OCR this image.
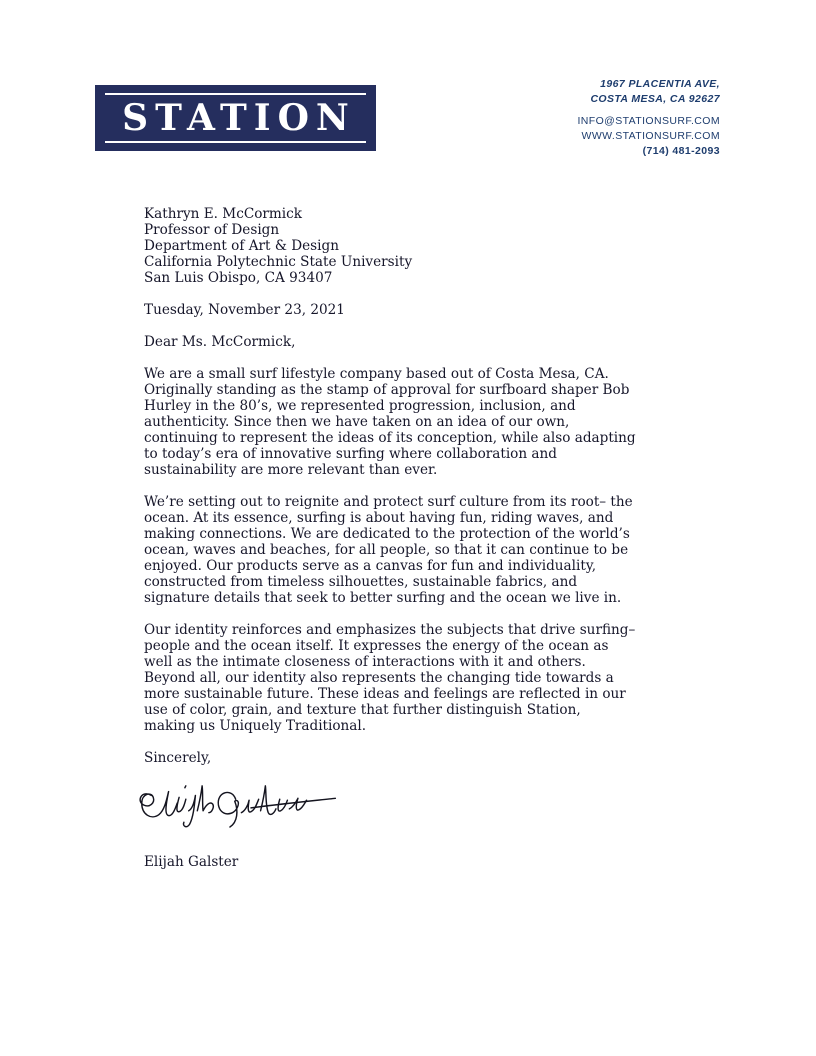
STATION
1967 PLACENTIA AVE,
COSTA MESA, CA 92627
INFO@STATIONSURF.COM
WWW.STATIONSURF.COM
(714) 481-2093
Kathryn E. McCormick
Professor of Design
Department of Art & Design
California Polytechnic State University
San Luis Obispo, CA 93407
Tuesday, November 23, 2021
Dear Ms. McCormick,

We are a small surf lifestyle company based out of Costa Mesa, CA. Originally standing as the stamp of approval for surfboard shaper Bob Hurley in the 80’s, we represented progression, inclusion, and authenticity. Since then we have taken on an idea of our own, continuing to represent the ideas of its conception, while also adapting to today’s era of innovative surfing where collaboration and sustainability are more relevant than ever.

We’re setting out to reignite and protect surf culture from its root– the ocean. At its essence, surfing is about having fun, riding waves, and making connections. We are dedicated to the protection of the world’s ocean, waves and beaches, for all people, so that it can continue to be enjoyed. Our products serve as a canvas for fun and individuality, constructed from timeless silhouettes, sustainable fabrics, and signature details that seek to better surfing and the ocean we live in.

Our identity reinforces and emphasizes the subjects that drive surfing– people and the ocean itself. It expresses the energy of the ocean as well as the intimate closeness of interactions with it and others. Beyond all, our identity also represents the changing tide towards a more sustainable future. These ideas and feelings are reflected in our use of color, grain, and texture that further distinguish Station, making us Uniquely Traditional.

Sincerely,
Elijah Galster
